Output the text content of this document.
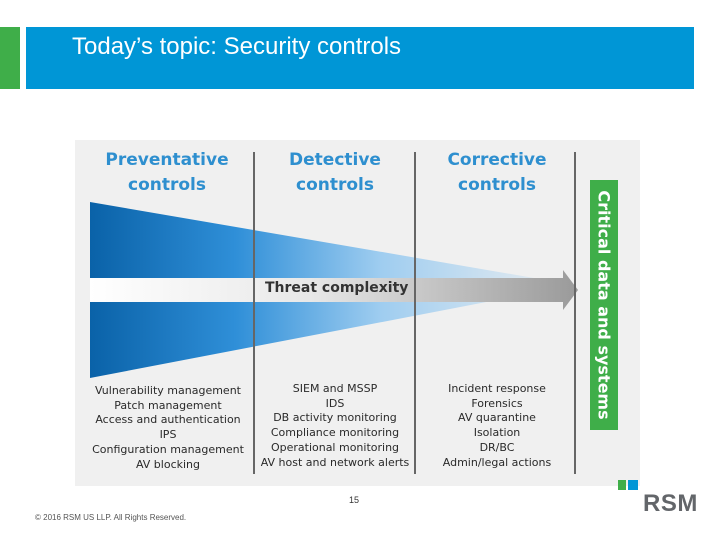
Today’s topic: Security controls
Preventative
controls
Detective
controls
Corrective
controls
Threat complexity
Vulnerability management
Patch management
Access and authentication
IPS
Configuration management
AV blocking
SIEM and MSSP
IDS
DB activity monitoring
Compliance monitoring
Operational monitoring
AV host and network alerts
Incident response
Forensics
AV quarantine
Isolation
DR/BC
Admin/legal actions
Critical data and systems
15
© 2016 RSM US LLP. All Rights Reserved.
RSM
